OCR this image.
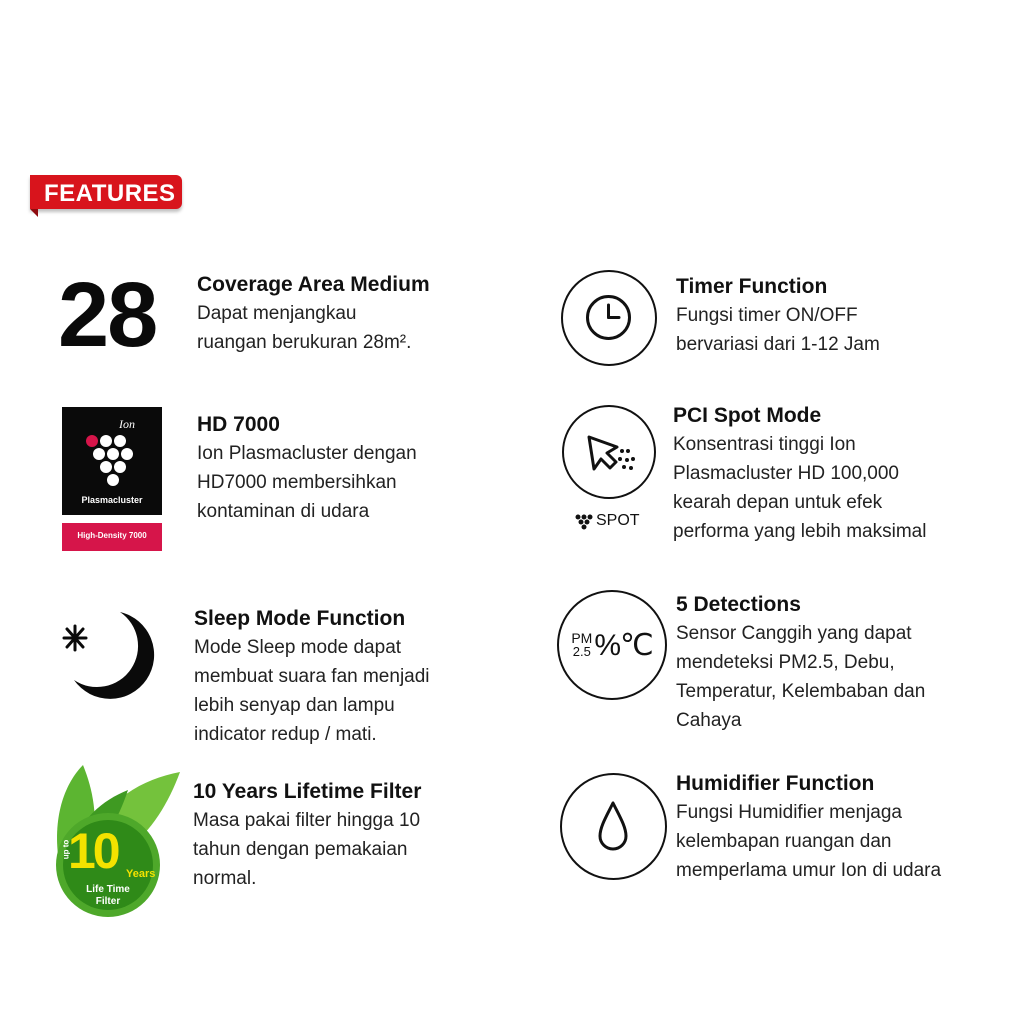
FEATURES
28 Coverage Area Medium
Dapat menjangkau
ruangan berukuran 28m².
Ion
Plasmacluster
High-Density 7000
HD 7000
Ion Plasmacluster dengan
HD7000 membersihkan
kontaminan di udara
Sleep Mode Function
Mode Sleep mode dapat
membuat suara fan menjadi
lebih senyap dan lampu
indicator redup / mati.
up to
10 Years
Life Time
Filter
10 Years Lifetime Filter
Masa pakai filter hingga 10
tahun dengan pemakaian
normal.
Timer Function
Fungsi timer ON/OFF
bervariasi dari 1-12 Jam
SPOT
PCI Spot Mode
Konsentrasi tinggi Ion
Plasmacluster HD 100,000
kearah depan untuk efek
performa yang lebih maksimal
PM
2.5 %℃
5 Detections
Sensor Canggih yang dapat
mendeteksi PM2.5, Debu,
Temperatur, Kelembaban dan
Cahaya
Humidifier Function
Fungsi Humidifier menjaga
kelembapan ruangan dan
memperlama umur Ion di udara
